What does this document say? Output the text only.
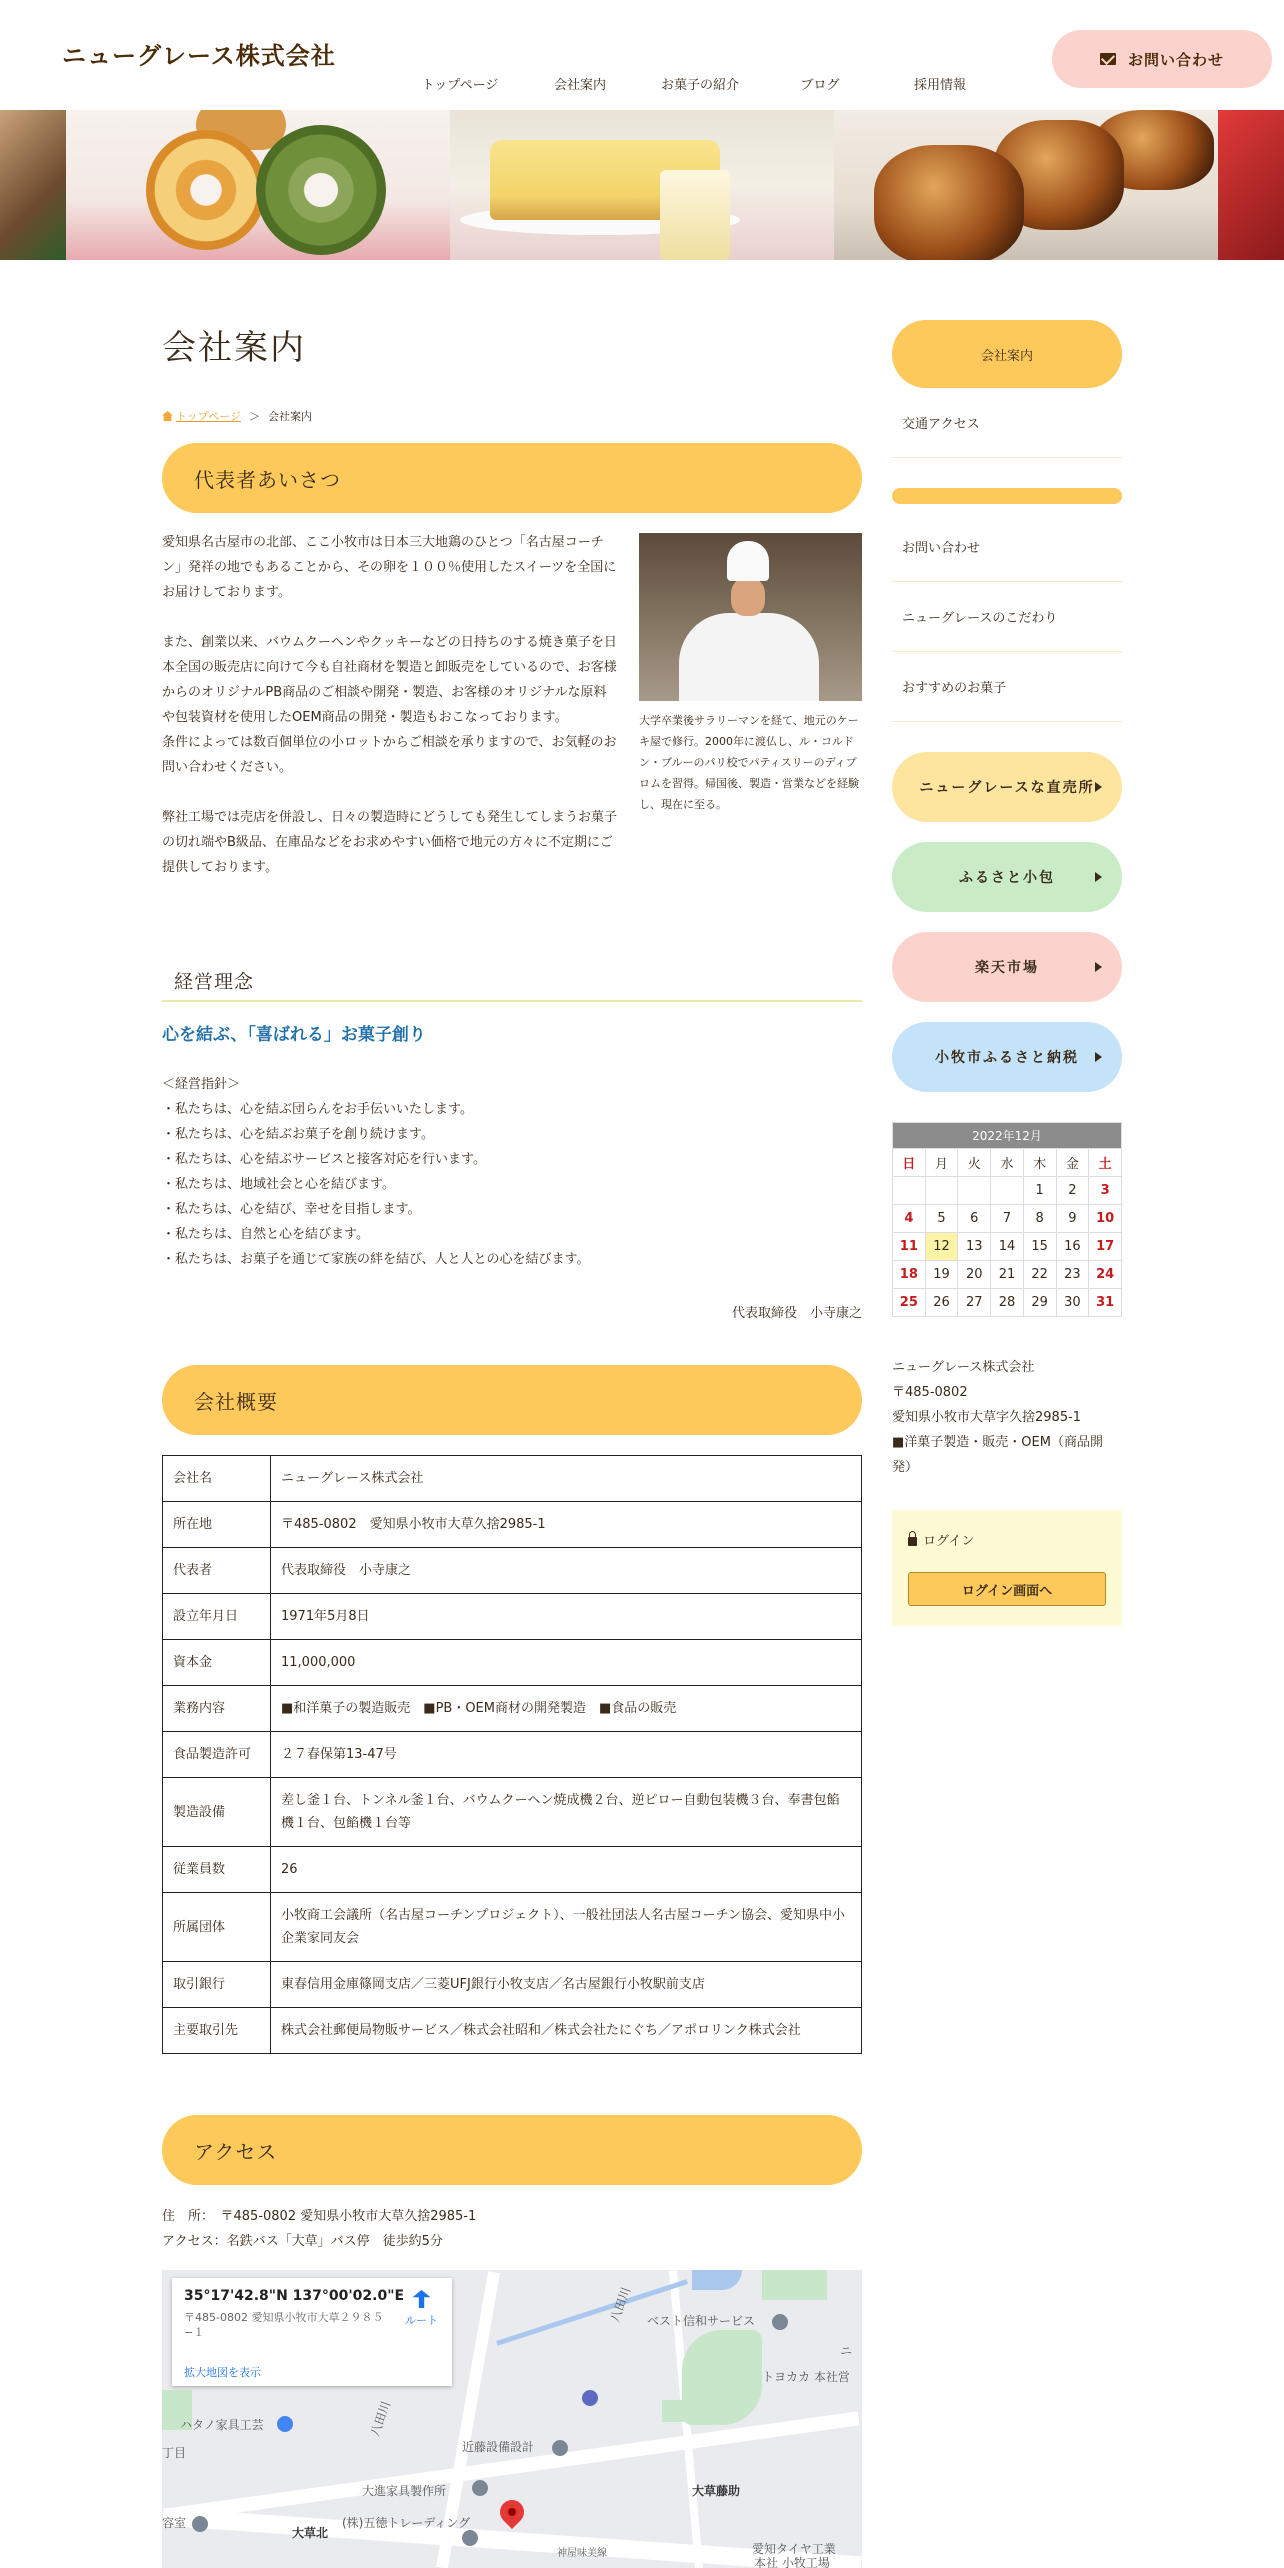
ニューグレース株式会社
トップページ	会社案内	お菓子の紹介	ブログ	採用情報
お問い合わせ
会社案内
トップページ ＞ 会社案内
代表者あいさつ

愛知県名古屋市の北部、ここ小牧市は日本三大地鶏のひとつ「名古屋コーチン」発祥の地でもあることから、その卵を１００％使用したスイーツを全国にお届けしております。

また、創業以来、バウムクーヘンやクッキーなどの日持ちのする焼き菓子を日本全国の販売店に向けて今も自社商材を製造と卸販売をしているので、お客様からのオリジナルPB商品のご相談や開発・製造、お客様のオリジナルな原料や包装資材を使用したOEM商品の開発・製造もおこなっております。
条件によっては数百個単位の小ロットからご相談を承りますので、お気軽のお問い合わせください。

弊社工場では売店を併設し、日々の製造時にどうしても発生してしまうお菓子の切れ端やB級品、在庫品などをお求めやすい価格で地元の方々に不定期にご提供しております。

大学卒業後サラリーマンを経て、地元のケーキ屋で修行。2000年に渡仏し、ル・コルドン・ブルーのパリ校でパティスリーのディプロムを習得。帰国後、製造・営業などを経験し、現在に至る。
経営理念
心を結ぶ、「喜ばれる」お菓子創り
＜経営指針＞
・私たちは、心を結ぶ団らんをお手伝いいたします。
・私たちは、心を結ぶお菓子を創り続けます。
・私たちは、心を結ぶサービスと接客対応を行います。
・私たちは、地域社会と心を結びます。
・私たちは、心を結び、幸せを目指します。
・私たちは、自然と心を結びます。
・私たちは、お菓子を通じて家族の絆を結び、人と人との心を結びます。
代表取締役　小寺康之
会社概要
会社名	ニューグレース株式会社
所在地	〒485-0802　愛知県小牧市大草久捨2985-1
代表者	代表取締役　小寺康之
設立年月日	1971年5月8日
資本金	11,000,000
業務内容	■和洋菓子の製造販売　■PB・OEM商材の開発製造　■食品の販売
食品製造許可	２７春保第13-47号
製造設備	差し釜１台、トンネル釜１台、バウムクーヘン焼成機２台、逆ピロー自動包装機３台、奉書包餡機１台、包餡機１台等
従業員数	26
所属団体	小牧商工会議所（名古屋コーチンプロジェクト）、一般社団法人名古屋コーチン協会、愛知県中小企業家同友会
取引銀行	東春信用金庫篠岡支店／三菱UFJ銀行小牧支店／名古屋銀行小牧駅前支店
主要取引先	株式会社郵便局物販サービス／株式会社昭和／株式会社たにぐち／アポロリンク株式会社
アクセス
住　所：　〒485-0802 愛知県小牧市大草久捨2985-1
アクセス：名鉄バス「大草」バス停　徒歩約5分
ベスト信和サービス
八田川
トヨカカ 本社営
ハタノ家具工芸
丁目	近藤設備設計
八田川
大進家具製作所	大草藤助
(株)五徳トレーディング
大草北
神屋味美線	愛知タイヤ工業
本社 小牧工場
容室
ニ
35°17'42.8"N 137°00'02.0"E
〒485-0802 愛知県小牧市大草２９８５−１
ルート
拡大地図を表示
会社案内
交通アクセス
お問い合わせ
ニューグレースのこだわり
おすすめのお菓子
ニューグレースな直売所
ふるさと小包
楽天市場
小牧市ふるさと納税
2022年12月						
日	月	火	水	木	金	土
				1	2	3
4	5	6	7	8	9	10
11	12	13	14	15	16	17
18	19	20	21	22	23	24
25	26	27	28	29	30	31
ニューグレース株式会社
〒485-0802
愛知県小牧市大草字久捨2985-1
■洋菓子製造・販売・OEM（商品開発）
ログイン
ログイン画面へ
